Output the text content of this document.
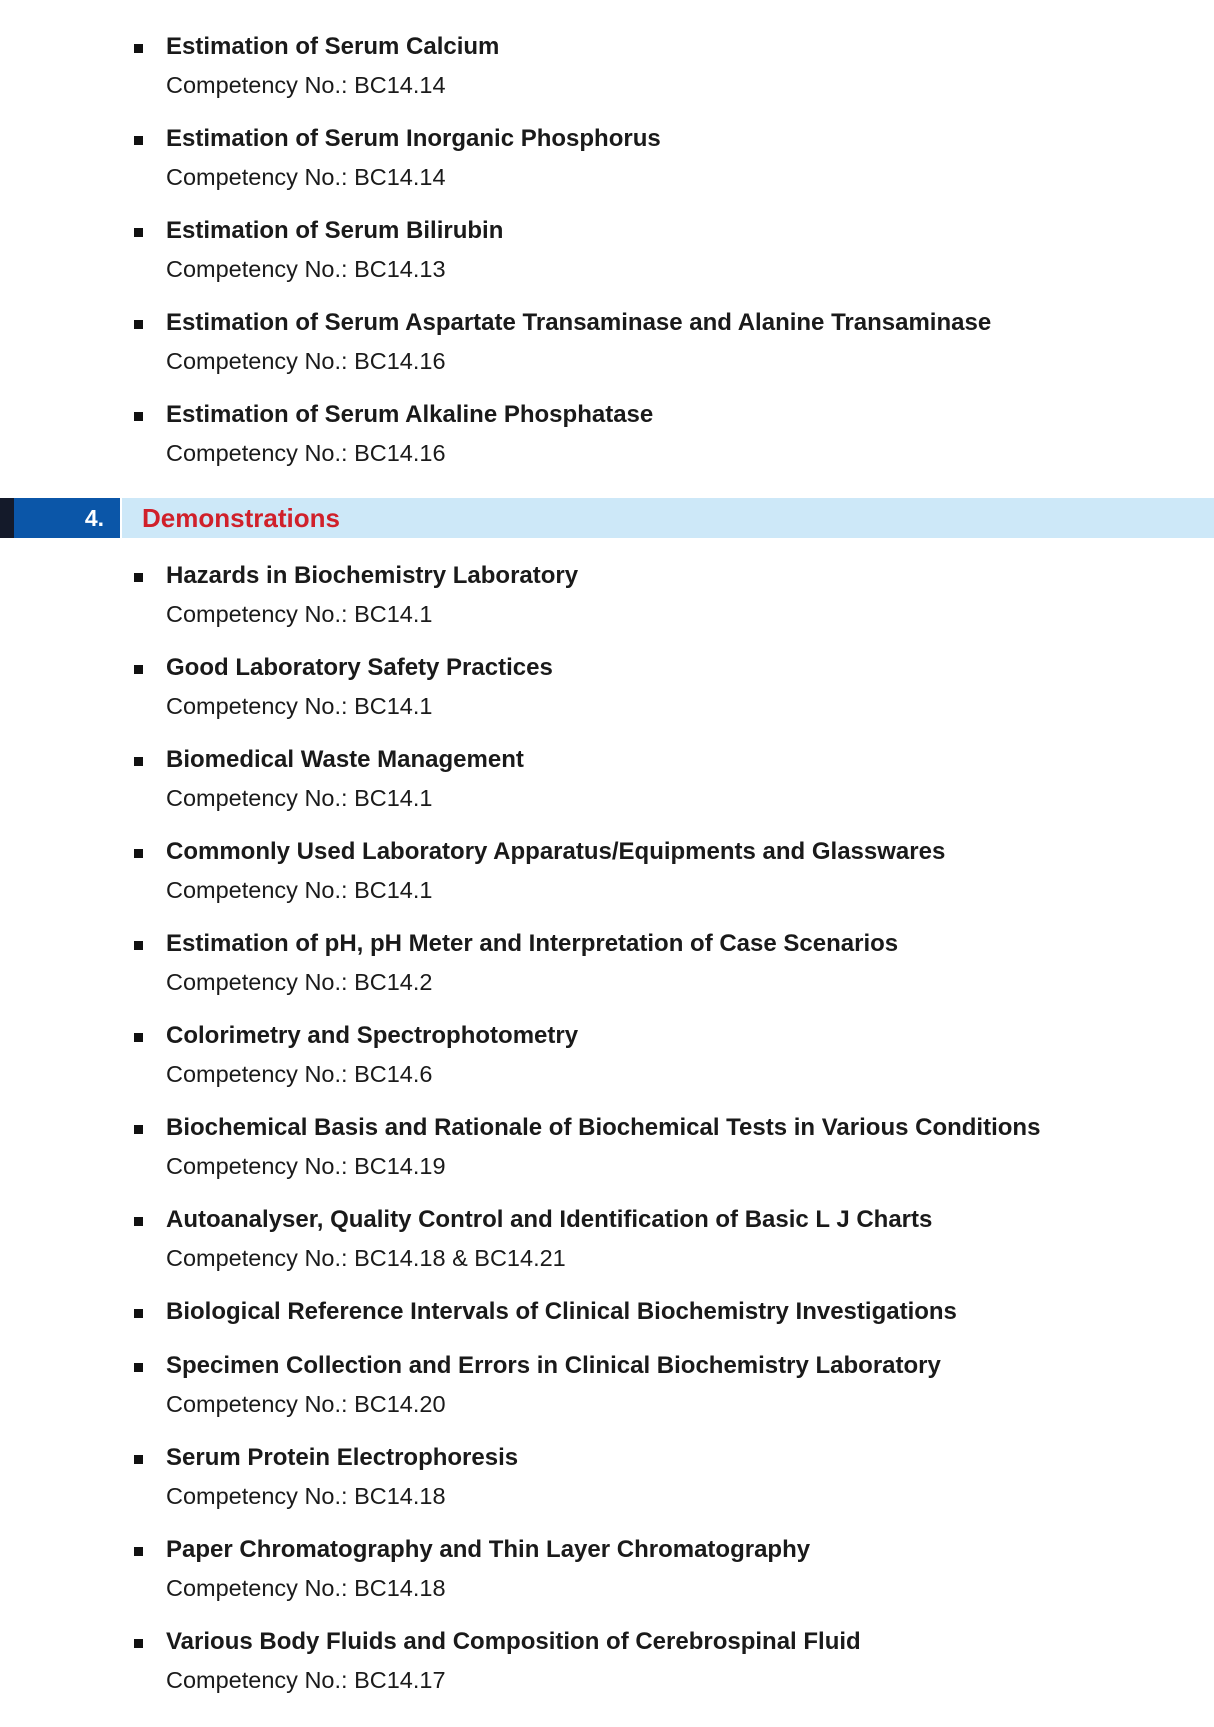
Estimation of Serum Calcium
Competency No.: BC14.14
Estimation of Serum Inorganic Phosphorus
Competency No.: BC14.14
Estimation of Serum Bilirubin
Competency No.: BC14.13
Estimation of Serum Aspartate Transaminase and Alanine Transaminase
Competency No.: BC14.16
Estimation of Serum Alkaline Phosphatase
Competency No.: BC14.16
4.	Demonstrations
Hazards in Biochemistry Laboratory
Competency No.: BC14.1
Good Laboratory Safety Practices
Competency No.: BC14.1
Biomedical Waste Management
Competency No.: BC14.1
Commonly Used Laboratory Apparatus/Equipments and Glasswares
Competency No.: BC14.1
Estimation of pH, pH Meter and Interpretation of Case Scenarios
Competency No.: BC14.2
Colorimetry and Spectrophotometry
Competency No.: BC14.6
Biochemical Basis and Rationale of Biochemical Tests in Various Conditions
Competency No.: BC14.19
Autoanalyser, Quality Control and Identification of Basic L J Charts
Competency No.: BC14.18 & BC14.21
Biological Reference Intervals of Clinical Biochemistry Investigations
Specimen Collection and Errors in Clinical Biochemistry Laboratory
Competency No.: BC14.20
Serum Protein Electrophoresis
Competency No.: BC14.18
Paper Chromatography and Thin Layer Chromatography
Competency No.: BC14.18
Various Body Fluids and Composition of Cerebrospinal Fluid
Competency No.: BC14.17
